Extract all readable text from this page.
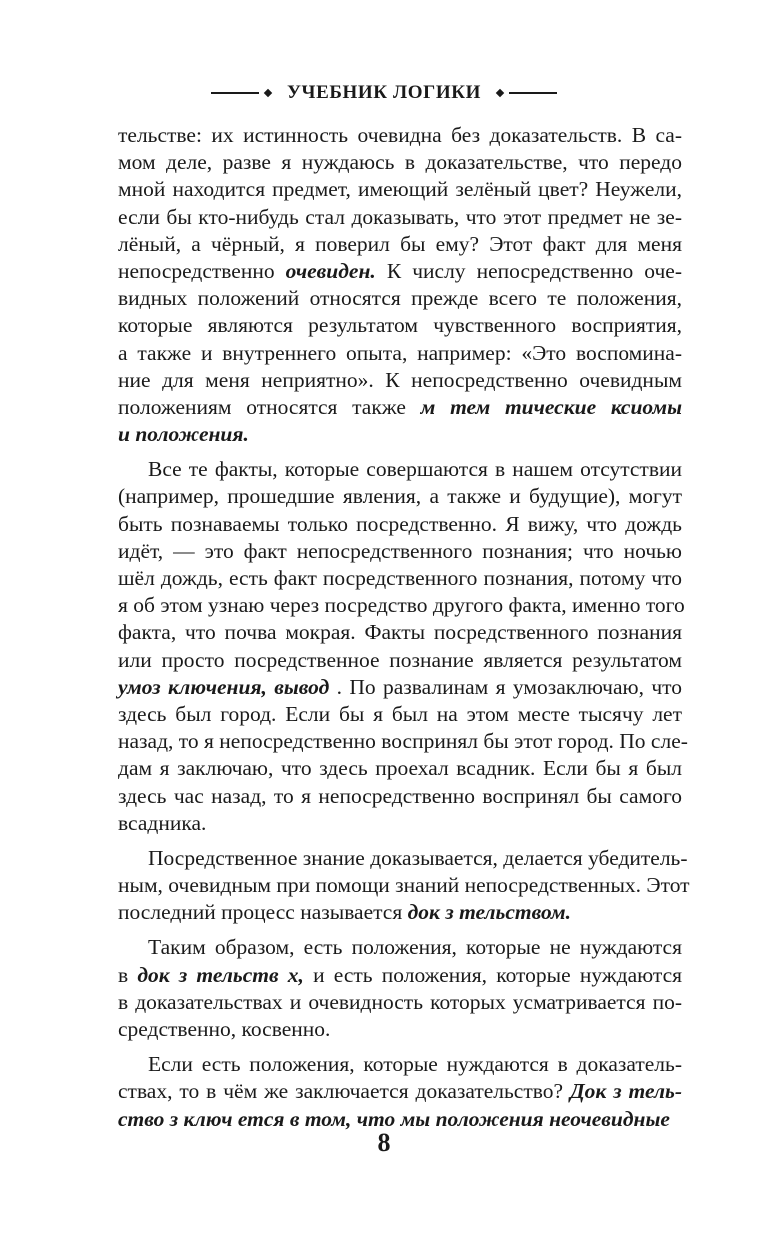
УЧЕБНИК ЛОГИКИ
тельстве: их истинность очевидна без доказательств. В са-
мом деле, разве я нуждаюсь в доказательстве, что передо
мной находится предмет, имеющий зелёный цвет? Неужели,
если бы кто-нибудь стал доказывать, что этот предмет не зе-
лёный, а чёрный, я поверил бы ему? Этот факт для меня
непосредственно очевиден. К числу непосредственно оче-
видных положений относятся прежде всего те положения,
которые являются результатом чувственного восприятия,
а также и внутреннего опыта, например: «Это воспомина-
ние для меня неприятно». К непосредственно очевидным
положениям относятся также м тем тические ксиомы
и положения.
Все те факты, которые совершаются в нашем отсутствии
(например, прошедшие явления, а также и будущие), могут
быть познаваемы только посредственно. Я вижу, что дождь
идёт, — это факт непосредственного познания; что ночью
шёл дождь, есть факт посредственного познания, потому что
я об этом узнаю через посредство другого факта, именно того
факта, что почва мокрая. Факты посредственного познания
или просто посредственное познание является результатом
умоз ключения, вывод . По развалинам я умозаключаю, что
здесь был город. Если бы я был на этом месте тысячу лет
назад, то я непосредственно воспринял бы этот город. По сле-
дам я заключаю, что здесь проехал всадник. Если бы я был
здесь час назад, то я непосредственно воспринял бы самого
всадника.
Посредственное знание доказывается, делается убедитель-
ным, очевидным при помощи знаний непосредственных. Этот
последний процесс называется док з тельством.
Таким образом, есть положения, которые не нуждаются
в док з тельств х, и есть положения, которые нуждаются
в доказательствах и очевидность которых усматривается по-
средственно, косвенно.
Если есть положения, которые нуждаются в доказатель-
ствах, то в чём же заключается доказательство? Док з тель-
ство з ключ ется в том, что мы положения неочевидные
8
